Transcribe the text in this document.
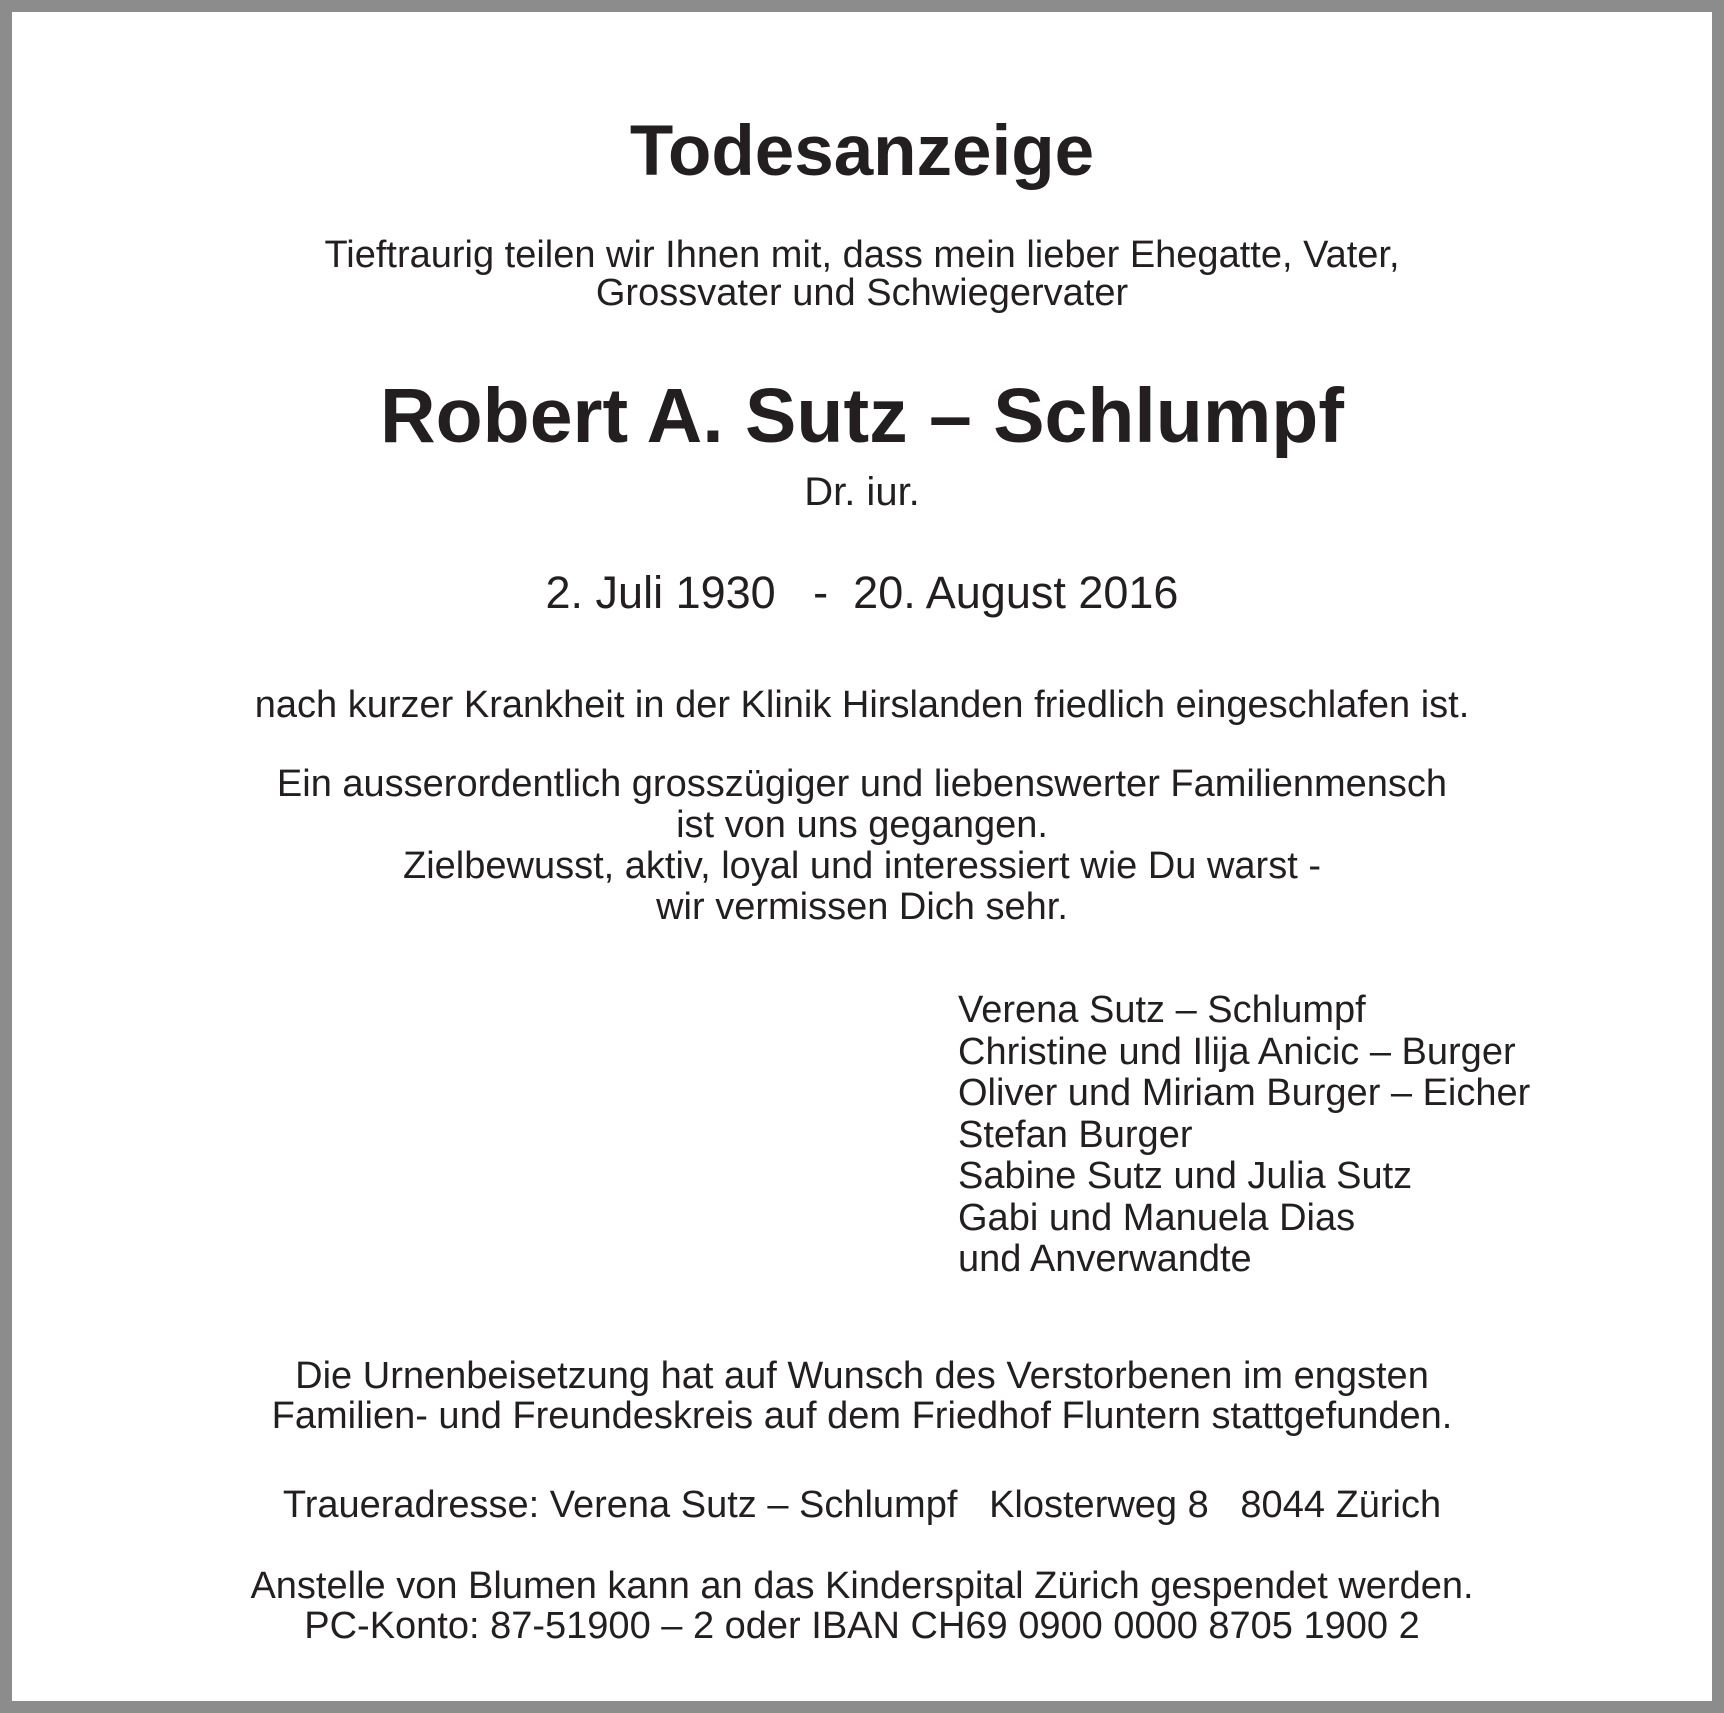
Todesanzeige
Tieftraurig teilen wir Ihnen mit, dass mein lieber Ehegatte, Vater,
Grossvater und Schwiegervater
Robert A. Sutz – Schlumpf
Dr. iur.
2. Juli 1930   -  20. August 2016
nach kurzer Krankheit in der Klinik Hirslanden friedlich eingeschlafen ist.
Ein ausserordentlich grosszügiger und liebenswerter Familienmensch
ist von uns gegangen.
Zielbewusst, aktiv, loyal und interessiert wie Du warst -
wir vermissen Dich sehr.
Verena Sutz – Schlumpf
Christine und Ilija Anicic – Burger
Oliver und Miriam Burger – Eicher
Stefan Burger
Sabine Sutz und Julia Sutz
Gabi und Manuela Dias
und Anverwandte
Die Urnenbeisetzung hat auf Wunsch des Verstorbenen im engsten
Familien- und Freundeskreis auf dem Friedhof Fluntern stattgefunden.
Traueradresse: Verena Sutz – Schlumpf   Klosterweg 8   8044 Zürich
Anstelle von Blumen kann an das Kinderspital Zürich gespendet werden.
PC-Konto: 87-51900 – 2 oder IBAN CH69 0900 0000 8705 1900 2
